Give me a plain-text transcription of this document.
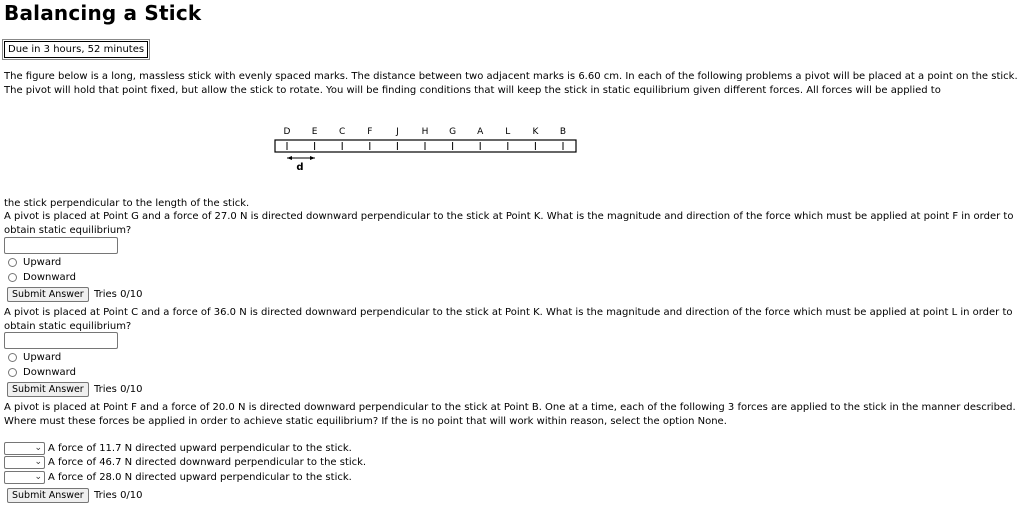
Balancing a Stick
Due in 3 hours, 52 minutes
The figure below is a long, massless stick with evenly spaced marks. The distance between two adjacent marks is 6.60 cm. In each of the following problems a pivot will be placed at a point on the stick. The pivot will hold that point fixed, but allow the stick to rotate. You will be finding conditions that will keep the stick in static equilibrium given different forces. All forces will be applied to
D E C F	J	H G A L K B
d
the stick perpendicular to the length of the stick.
A pivot is placed at Point G and a force of 27.0 N is directed downward perpendicular to the stick at Point K. What is the magnitude and direction of the force which must be applied at point F in order to obtain static equilibrium?
Upward
Downward
Submit Answer	Tries 0/10
A pivot is placed at Point C and a force of 36.0 N is directed downward perpendicular to the stick at Point K. What is the magnitude and direction of the force which must be applied at point L in order to obtain static equilibrium?
Upward
Downward
Submit Answer	Tries 0/10
A pivot is placed at Point F and a force of 20.0 N is directed downward perpendicular to the stick at Point B. One at a time, each of the following 3 forces are applied to the stick in the manner described. Where must these forces be applied in order to achieve static equilibrium? If the is no point that will work within reason, select the option None.
⌄ A force of 11.7 N directed upward perpendicular to the stick.
⌄ A force of 46.7 N directed downward perpendicular to the stick.
⌄ A force of 28.0 N directed upward perpendicular to the stick.
Submit Answer	Tries 0/10
